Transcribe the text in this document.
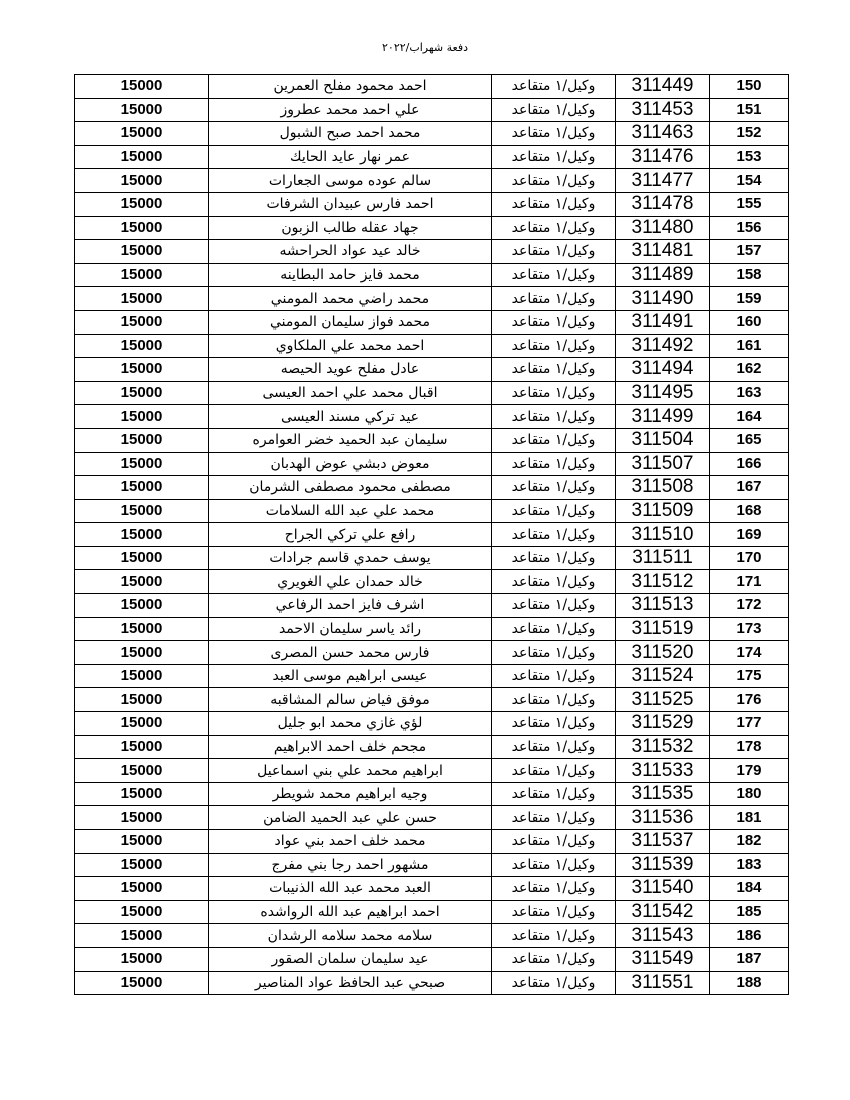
دفعة شهراب/٢٠٢٢
15000	احمد محمود مفلح العمرين	وكيل/١ متقاعد	311449	150
15000	علي احمد محمد عطروز	وكيل/١ متقاعد	311453	151
15000	محمد احمد صبح الشبول	وكيل/١ متقاعد	311463	152
15000	عمر نهار عايد الحايك	وكيل/١ متقاعد	311476	153
15000	سالم عوده موسى الجعارات	وكيل/١ متقاعد	311477	154
15000	احمد فارس عبيدان الشرفات	وكيل/١ متقاعد	311478	155
15000	جهاد عقله طالب الزبون	وكيل/١ متقاعد	311480	156
15000	خالد عيد عواد الحراحشه	وكيل/١ متقاعد	311481	157
15000	محمد فايز حامد البطاينه	وكيل/١ متقاعد	311489	158
15000	محمد راضي محمد المومني	وكيل/١ متقاعد	311490	159
15000	محمد فواز سليمان المومني	وكيل/١ متقاعد	311491	160
15000	احمد محمد علي الملكاوي	وكيل/١ متقاعد	311492	161
15000	عادل مفلح عويد الحيصه	وكيل/١ متقاعد	311494	162
15000	اقبال محمد علي احمد العيسى	وكيل/١ متقاعد	311495	163
15000	عيد تركي مسند العيسى	وكيل/١ متقاعد	311499	164
15000	سليمان عبد الحميد خضر العوامره	وكيل/١ متقاعد	311504	165
15000	معوض دبشي عوض الهدبان	وكيل/١ متقاعد	311507	166
15000	مصطفى محمود مصطفى الشرمان	وكيل/١ متقاعد	311508	167
15000	محمد علي عبد الله السلامات	وكيل/١ متقاعد	311509	168
15000	رافع علي تركي الجراح	وكيل/١ متقاعد	311510	169
15000	يوسف حمدي قاسم جرادات	وكيل/١ متقاعد	311511	170
15000	خالد حمدان علي الغويري	وكيل/١ متقاعد	311512	171
15000	اشرف فايز احمد الرفاعي	وكيل/١ متقاعد	311513	172
15000	رائد ياسر سليمان الاحمد	وكيل/١ متقاعد	311519	173
15000	فارس محمد حسن المصرى	وكيل/١ متقاعد	311520	174
15000	عيسى ابراهيم موسى العبد	وكيل/١ متقاعد	311524	175
15000	موفق فياض سالم المشاقبه	وكيل/١ متقاعد	311525	176
15000	لؤي غازي محمد ابو جليل	وكيل/١ متقاعد	311529	177
15000	مجحم خلف احمد الابراهيم	وكيل/١ متقاعد	311532	178
15000	ابراهيم محمد علي بني اسماعيل	وكيل/١ متقاعد	311533	179
15000	وجيه ابراهيم محمد شويطر	وكيل/١ متقاعد	311535	180
15000	حسن علي عبد الحميد الضامن	وكيل/١ متقاعد	311536	181
15000	محمد خلف احمد بني عواد	وكيل/١ متقاعد	311537	182
15000	مشهور احمد رجا بني مفرج	وكيل/١ متقاعد	311539	183
15000	العبد محمد عبد الله الذنيبات	وكيل/١ متقاعد	311540	184
15000	احمد ابراهيم عبد الله الرواشده	وكيل/١ متقاعد	311542	185
15000	سلامه محمد سلامه الرشدان	وكيل/١ متقاعد	311543	186
15000	عيد سليمان سلمان الصقور	وكيل/١ متقاعد	311549	187
15000	صبحي عبد الحافظ عواد المناصير	وكيل/١ متقاعد	311551	188
